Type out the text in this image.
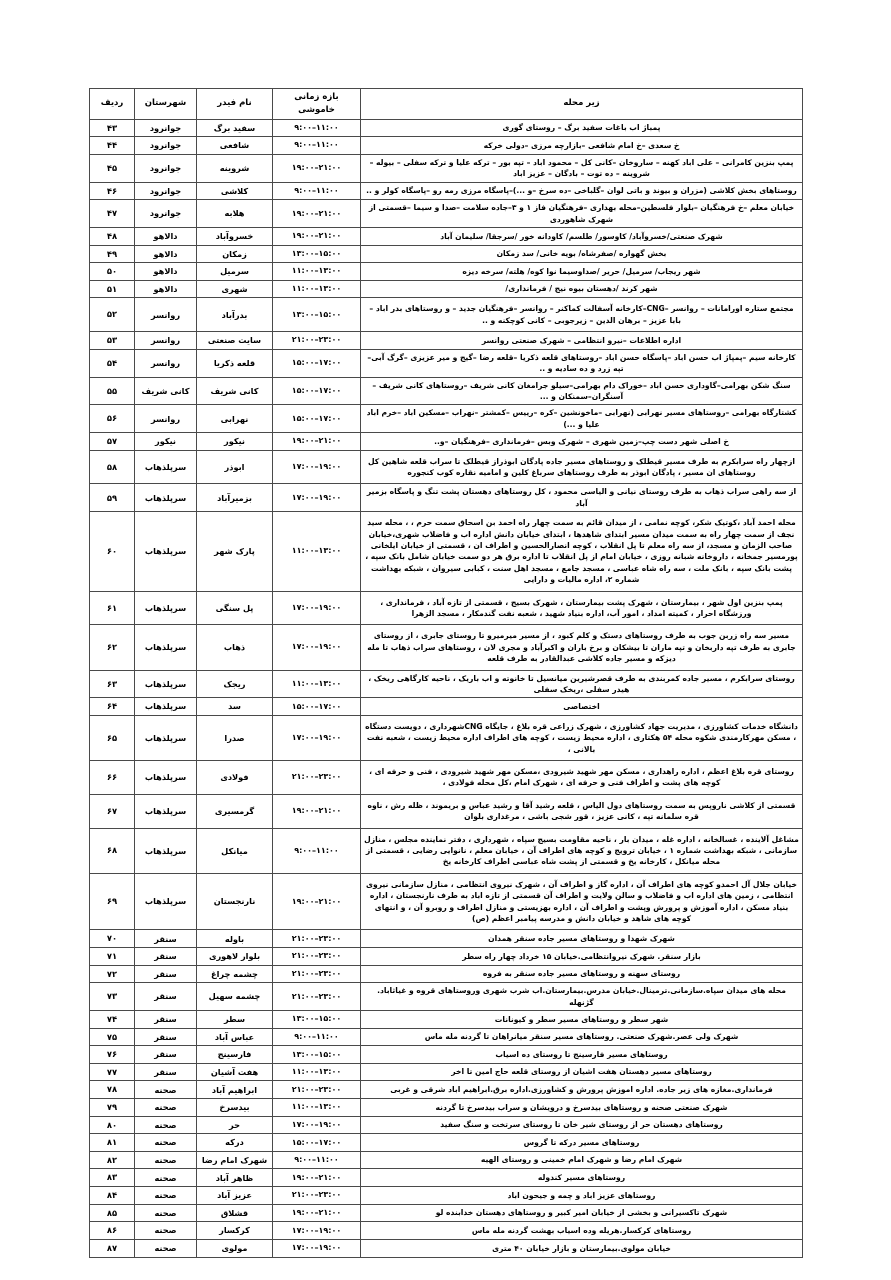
زیر محله	بازه زمانی خاموشی	نام فیدر	شهرستان	ردیف
پمباژ اب باغات سفید برگ – روستای گوری	۹:۰۰–۱۱:۰۰	سفید برگ	جوانرود	۴۳
خ سعدی –خ امام شافعی –بازارچه مرزی –دولی خرکه	۹:۰۰–۱۱:۰۰	شافعی	جوانرود	۴۴
پمپ بنزین کامرانی – علی اباد کهنه – ساروخان –کانی کل – محمود اباد – تپه بور – ترکه علیا و ترکه سفلی – بیوله – شروینه – ده توت – بادگان – عزیز اباد	۱۹:۰۰–۲۱:۰۰	شروینه	جوانرود	۴۵
روستاهای بخش کلاشی (مزران و بیوند و باتی لوان –گلباخی –ده سرخ –و ...)–پاسگاه مرزی رمه رو –پاسگاه کولر و ..	۹:۰۰–۱۱:۰۰	کلاشی	جوانرود	۴۶
خیابان معلم –خ فرهنگیان –بلوار فلسطین–محله بهداری –فرهنگیان فاز ۱ و ۳–جاده سلامت –صدا و سیما –قسمتی از شهرک شاهوردی	۱۹:۰۰–۲۱:۰۰	هلابه	جوانرود	۴۷
شهرک صنعتی/خسروآباد/ کاوسور/ طلسم/ کاودانه خور /سرجقا/ سلیمان آباد	۱۹:۰۰–۲۱:۰۰	خسروآباد	دالاهو	۴۸
بخش گهواره /صفرشاه/ بویه خانی/ سد زمکان	۱۳:۰۰–۱۵:۰۰	زمکان	دالاهو	۴۹
شهر ریجاب/ سرمیل/ حریر /صداوسیما نوا کوه/ هلته/ سرخه دیزه	۱۱:۰۰–۱۳:۰۰	سرمیل	دالاهو	۵۰
شهر کرند /دهستان بیوه نیج / فرمانداری/	۱۱:۰۰–۱۳:۰۰	شهری	دالاهو	۵۱
مجتمع ستاره اورامانات – روانسر –CNG–کارخانه آسفالت کماکنر – روانسر –فرهنگیان جدید – و روستاهای بدر اباد –بابا عزیز – برهان الدین – زیرجوبی – کانی کوچکنه و ..	۱۳:۰۰–۱۵:۰۰	بدرآباد	روانسر	۵۲
اداره اطلاعات –نیرو انتظامی – شهرک صنعتی روانسر	۲۱:۰۰–۲۳:۰۰	سایت صنعتی	روانسر	۵۳
کارخانه سیم –پمپاژ اب حسن اباد –پاسگاه حسن اباد –روستاهای قلعه ذکریا –قلعه رضا –گیج و میر عزیزی –گرگ آبی–تپه زرد و ده سادیه و ..	۱۵:۰۰–۱۷:۰۰	قلعه ذکریا	روانسر	۵۴
سنگ شکن بهرامی–گاوداری حسن اباد –خوراک دام بهرامی–سیلو جرامغان کانی شریف –روستاهای کانی شریف –آسنگران–سمنکان و ...	۱۵:۰۰–۱۷:۰۰	کانی شریف	کانی شریف	۵۵
کشتارگاه بهرامی –روستاهای مسیر نهرابی (نهرابی –ماخونشین –کره –رییس –کمشتر –نهراب –مسکین اباد –خرم اباد علیا و ...)	۱۵:۰۰–۱۷:۰۰	نهرابی	روانسر	۵۶
خ اصلی شهر دست چپ–زمین شهری – شهرک وبس –فرمانداری –فرهنگیان –و..	۱۹:۰۰–۲۱:۰۰	نیکور	نیکور	۵۷
ازچهار راه سرابکرم به طرف مسیر قیطلک و روستاهای مسیر جاده پادگان ابوذراز قیطلک تا سراب قلعه شاهین کل روستاهای ان مسیر ، پادگان ابوذر به طرف روستاهای سرباغ کلین و امامیه نقاره کوب کنجوره	۱۷:۰۰–۱۹:۰۰	ابوذر	سرپلذهاب	۵۸
از سه راهی سراب ذهاب به طرف روستای نیانی و الیاسی محمود ، کل روستاهای دهستان پشت تنگ و پاسگاه بزمیر آباد	۱۷:۰۰–۱۹:۰۰	بزمیرآباد	سرپلذهاب	۵۹
محله احمد آباد ،کوتیک شکر، کوچه نمامی ، از میدان قائم به سمت چهار راه احمد بن اسحاق سمت حرم ، ، محله سید نجف از سمت چهار راه به سمت میدان مسیر ابتدای شاهدها ، ابتدای خیابان دانش اداره اب و فاضلاب شهری،خیابان صاحب الزمان و مسجد، از سه راه معلم تا پل انقلاب ، کوچه انصارالحسین و اطراف ان ، قسمتی از خیابان ایلخانی پورمسیر جمخانه ، داروخانه شبانه روزی ، خیابان امام از پل انقلاب تا اداره برق هر دو سمت خیابان شامل بانک سپه ، پشت بانک سپه ، بانک ملت ، سه راه شاه عباسی ، مسجد جامع ، مسجد اهل سنت ، کبابی سیروان ، شبکه بهداشت شماره ۲، اداره مالیات و دارایی	۱۱:۰۰–۱۳:۰۰	پارک شهر	سرپلذهاب	۶۰
پمپ بنزین اول شهر ، بیمارستان ، شهرک پشت بیمارستان ، شهرک بسیج ، قسمتی از تازه آباد ، فرمانداری ، ورزشگاه احرار ، کمیته امداد ، امور آب، اداره بنیاد شهید ، شعبه نفت گندمکار ، مسجد الزهرا	۱۷:۰۰–۱۹:۰۰	پل سنگی	سرپلذهاب	۶۱
مسیر سه راه زربن جوب به طرف روستاهای دستک و کلم کبود ، از مسیر میرمیرو تا روستای جابری ، از روستای جابری به طرف تپه داربخان و تپه ماران تا بیشکان و برخ باران و اکبرآباد و مجری لان ، روستاهای سراب ذهاب تا مله دیزکه و مسیر جاده کلاشی عبدالقادر به طرف قلعه	۱۷:۰۰–۱۹:۰۰	ذهاب	سرپلذهاب	۶۲
روستای سرابکرم ، مسیر جاده کمربندی به طرف قصرشیرین میانسیل تا خانوته و اب باریک ، ناحیه کارگاهی ریخک ، هیدر سفلی ،ریخک سفلی	۱۱:۰۰–۱۳:۰۰	ریجک	سرپلذهاب	۶۳
اختصاصی	۱۵:۰۰–۱۷:۰۰	سد	سرپلذهاب	۶۴
دانشگاه خدمات کشاورزی ، مدیریت جهاد کشاورزی ، شهرک زراعی قره بلاغ ، جایگاه CNGشهرداری ، دویست دستگاه ، مسکن مهرکارمندی شکوه محله ۵۴ هکتاری ، اداره محیط زیست ، کوچه های اطراف اداره محیط زیست ، شعبه نفت بالانی ،	۱۷:۰۰–۱۹:۰۰	صدرا	سرپلذهاب	۶۵
روستای قره بلاغ اعظم ، اداره راهداری ، مسکن مهر شهید شیرودی ،مسکن مهر شهید شیرودی ، فنی و حرفه ای ، کوچه های پشت و اطراف فنی و حرفه ای ، شهرک امام ،کل محله فولادی ،	۲۱:۰۰–۲۳:۰۰	فولادی	سرپلذهاب	۶۶
قسمتی از کلاشی ناروپس به سمت روستاهای دول الیاس ، قلعه رشید آقا و رشید عباس و بریموند ، ظله رش ، ناوه قره سلمانه تپه ، کانی عزیز ، قور شجی باشی ، مرغداری بلوان	۱۹:۰۰–۲۱:۰۰	گرمسیری	سرپلذهاب	۶۷
مشاغل آلاینده ، غسالخانه ، اداره غله ، میدان بار ، ناحیه مقاومت بسیج سپاه ، شهرداری ، دفتر نماینده مجلس ، منازل سازمانی ، شبکه بهداشت شماره ۱ ، خیابان ترویج و کوچه های اطراف آن ، خیابان معلم ، نانوایی رضایی ، قسمتی از محله میانکل ، کارخانه یخ و قسمتی از پشت شاه عباسی اطراف کارخانه یخ	۹:۰۰–۱۱:۰۰	میانکل	سرپلذهاب	۶۸
خیابان جلال آل احمدو کوچه های اطراف آن ، اداره گاز و اطراف آن ، شهرک نیروی انتظامی ، منازل سازمانی نیروی انتظامی ، زمین های اداره اب و فاضلاب و سالن ولایت و اطراف آن قسمتی از تازه اباد به طرف نارنجستان ، اداره بنیاد مسکن ، اداره آموزش و پرورش وپشت و اطراف آن ، اداره بهزیستی و منازل اطراف و روبرو آن ، و انتهای کوچه های شاهد و خیابان دانش و مدرسه پیامبر اعظم (ص)	۱۹:۰۰–۲۱:۰۰	نارنجستان	سرپلذهاب	۶۹
شهرک شهدا و روستاهای مسیر جاده سنقر همدان	۲۱:۰۰–۲۳:۰۰	باوله	سنقر	۷۰
بازار سنقر. شهرک نیروانتظامی.خیابان ۱۵ خرداد چهار راه سطر	۲۱:۰۰–۲۳:۰۰	بلوار لاهوری	سنقر	۷۱
روستای سهنه و روستاهای مسیر جاده سنقر به فروه	۲۱:۰۰–۲۳:۰۰	چشمه چراغ	سنقر	۷۲
محله های میدان سپاه.سازمانی.ترمینال.خیابان مدرس.بیمارستان.اب شرب شهری وروستاهای قروه و غیاثاباد. گژنهله	۲۱:۰۰–۲۳:۰۰	چشمه سهیل	سنقر	۷۳
شهر سطر و روستاهای مسیر سطر و کیونانات	۱۳:۰۰–۱۵:۰۰	سطر	سنقر	۷۴
شهرک ولی عصر.شهرک صنعتی. روستاهای مسیر سنقر میانراهان تا گردنه مله ماس	۹:۰۰–۱۱:۰۰	عباس آباد	سنقر	۷۵
روستاهای مسیر فارسینج تا روستای ده اسیاب	۱۳:۰۰–۱۵:۰۰	فارسینج	سنقر	۷۶
روستاهای مسیر دهستان هفت اشیان از روستای قلعه حاج امین تا اخر	۱۱:۰۰–۱۳:۰۰	هفت آشیان	سنقر	۷۷
فرمانداری.مغازه های زیر جاده. اداره اموزش پرورش و کشاورزی.اداره برق.ابراهیم اباد شرقی و غربی	۲۱:۰۰–۲۳:۰۰	ابراهیم آباد	صحنه	۷۸
شهرک صنعتی صحنه و روستاهای بیدسرخ و درویشان و سراب بیدسرخ تا گردنه	۱۱:۰۰–۱۳:۰۰	بیدسرخ	صحنه	۷۹
روستاهای دهستان حر از روستای شیر خان تا روستای سرتخت و سنگ سفید	۱۷:۰۰–۱۹:۰۰	حر	صحنه	۸۰
روستاهای مسیر درکه تا گروس	۱۵:۰۰–۱۷:۰۰	درکه	صحنه	۸۱
شهرک امام رضا و شهرک امام خمینی و روستای الهیه	۹:۰۰–۱۱:۰۰	شهرک امام رضا	صحنه	۸۲
روستاهای مسیر کندوله	۱۹:۰۰–۲۱:۰۰	ظاهر آباد	صحنه	۸۳
روستاهای عزیز اباد و چمه و جیحون اباد	۲۱:۰۰–۲۳:۰۰	عزیز آباد	صحنه	۸۴
شهرک تاکسیرانی و بخشی از خیابان امیر کبیر و روستاهای دهستان خدابنده لو	۱۹:۰۰–۲۱:۰۰	قشلاق	صحنه	۸۵
روستاهای کرکسار.هریله وده اسیاب بهشت گردنه مله ماس	۱۷:۰۰–۱۹:۰۰	کرکسار	صحنه	۸۶
خیابان مولوی.بیمارستان و بازار خیابان ۴۰ متری	۱۷:۰۰–۱۹:۰۰	مولوی	صحنه	۸۷
